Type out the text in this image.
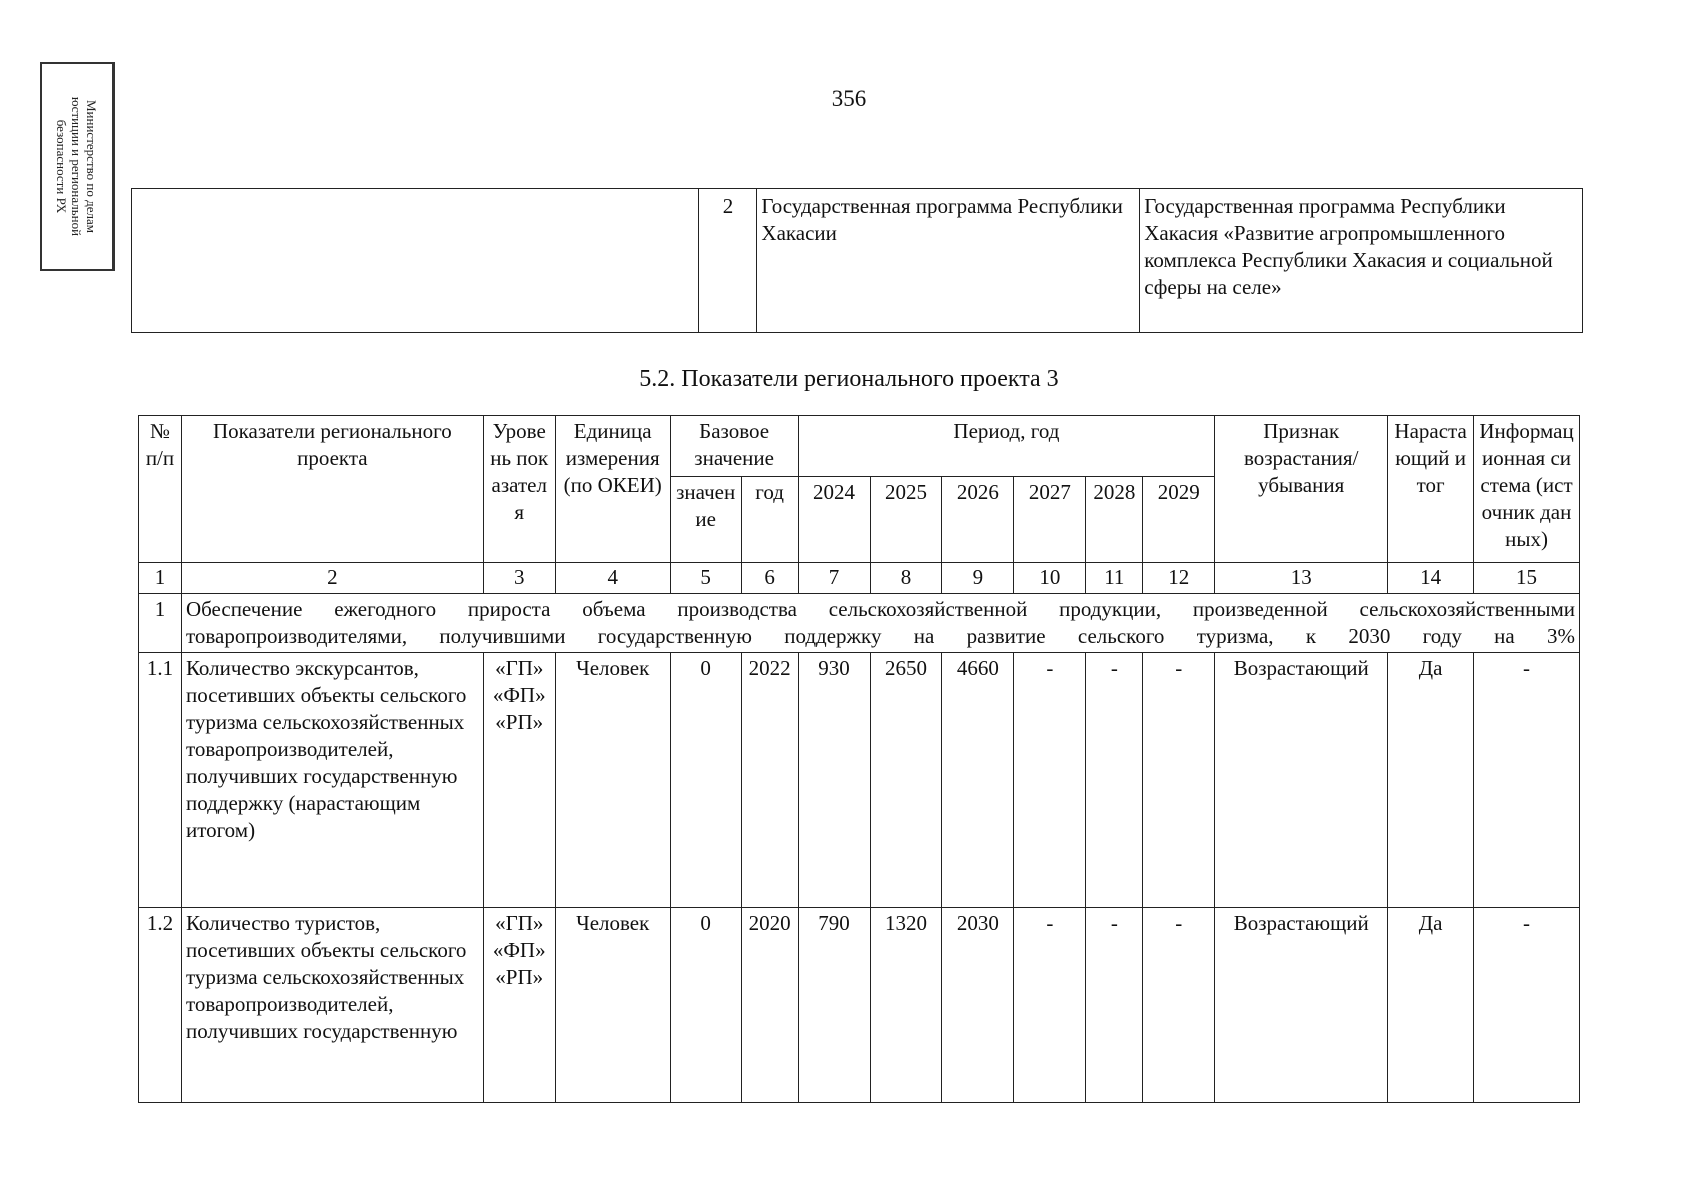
Министерство по делам
юстиции и региональной
безопасности РХ
356
	2	Государственная программа Республики Хакасии	Государственная программа Республики Хакасия «Развитие агропромышленного комплекса Республики Хакасия и социальной сферы на селе»
5.2. Показатели регионального проекта 3
№ п/п	Показатели регионального проекта	Уровень показателя	Единица измерения (по ОКЕИ)	Базовое значение		Период, год						Признак возрастания/ убывания	Нарастающий итог	Информационная система (источник данных)
				значение	год	2024	2025	2026	2027	2028	2029			
1	2	3	4	5	6	7	8	9	10	11	12	13	14	15
1	Обеспечение ежегодного прироста объема производства сельскохозяйственной продукции, произведенной сельскохозяйственными товаропроизводителями, получившими государственную поддержку на развитие сельского туризма, к 2030 году на 3%													
1.1	Количество экскурсантов, посетивших объекты сельского туризма сельскохозяйственных товаропроизводителей, получивших государственную поддержку (нарастающим итогом)	«ГП»
«ФП»
«РП»	Человек	0	2022	930	2650	4660	-	-	-	Возрастающий	Да	-
1.2	Количество туристов, посетивших объекты сельского туризма сельскохозяйственных товаропроизводителей, получивших государственную	«ГП»
«ФП»
«РП»	Человек	0	2020	790	1320	2030	-	-	-	Возрастающий	Да	-
